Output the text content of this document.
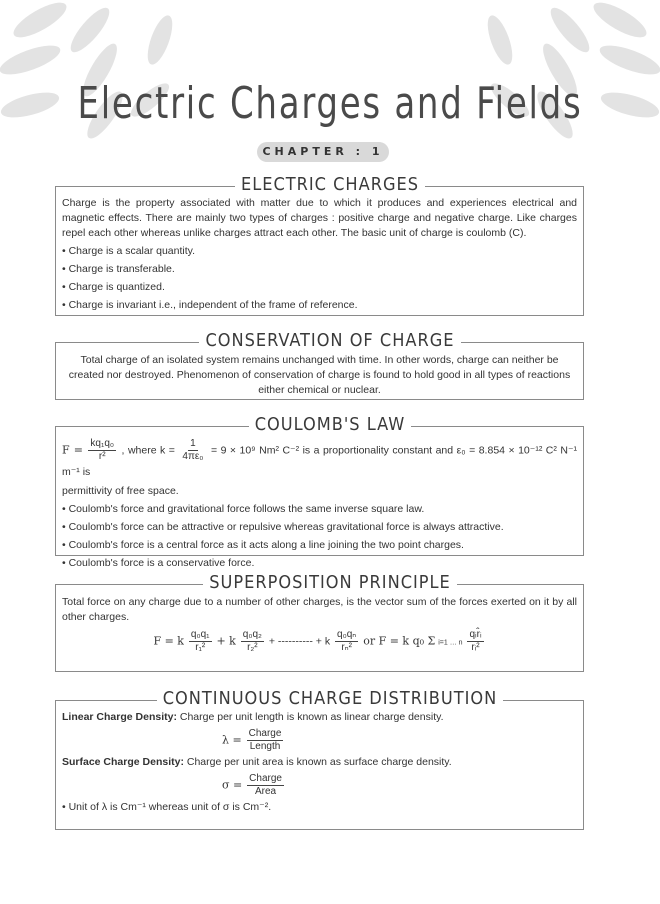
Electric Charges and Fields
CHAPTER : 1
ELECTRIC CHARGES

Charge is the property associated with matter due to which it produces and experiences electrical and magnetic effects. There are mainly two types of charges : positive charge and negative charge. Like charges repel each other whereas unlike charges attract each other. The basic unit of charge is coulomb (C).

• Charge is a scalar quantity.
• Charge is transferable.
• Charge is quantized.
• Charge is invariant i.e., independent of the frame of reference.
CONSERVATION OF CHARGE

Total charge of an isolated system remains unchanged with time. In other words, charge can neither be created nor destroyed. Phenomenon of conservation of charge is found to hold good in all types of reactions either chemical or nuclear.

COULOMB'S LAW
$F = \frac{\text{kq₁q₀}}{\text{r²}}$ , where $k = \frac{1}{\text{4πε₀}} = 9 \times 10^9$ Nm² C⁻² is a proportionality constant and ε₀ = 8.854 × 10⁻¹² C² N⁻¹ m⁻¹ is
permittivity of free space.
• Coulomb's force and gravitational force follows the same inverse square law.
• Coulomb's force can be attractive or repulsive whereas gravitational force is always attractive.
• Coulomb's force is a central force as it acts along a line joining the two point charges.
• Coulomb's force is a conservative force.
SUPERPOSITION PRINCIPLE

Total force on any charge due to a number of other charges, is the vector sum of the forces exerted on it by all other charges.

F = k $\frac{\text{q₀q₁}}{\text{r₁²}} + k \frac{\text{q₀q₂}}{\text{r₂²}}$ + ---------- + k $\frac{\text{q₀qₙ}}{\text{rₙ²}}$ or F = k q₀ Σ i=1 … n $\frac{\text{qᵢr̂ᵢ}}{\text{rᵢ²}}$
CONTINUOUS CHARGE DISTRIBUTION
Linear Charge Density: Charge per unit length is known as linear charge density.
$\lambda = \frac{\text{Charge}}{\text{Length}}$
Surface Charge Density: Charge per unit area is known as surface charge density.
$\sigma = \frac{\text{Charge}}{\text{Area}}$
• Unit of λ is Cm⁻¹ whereas unit of σ is Cm⁻².
